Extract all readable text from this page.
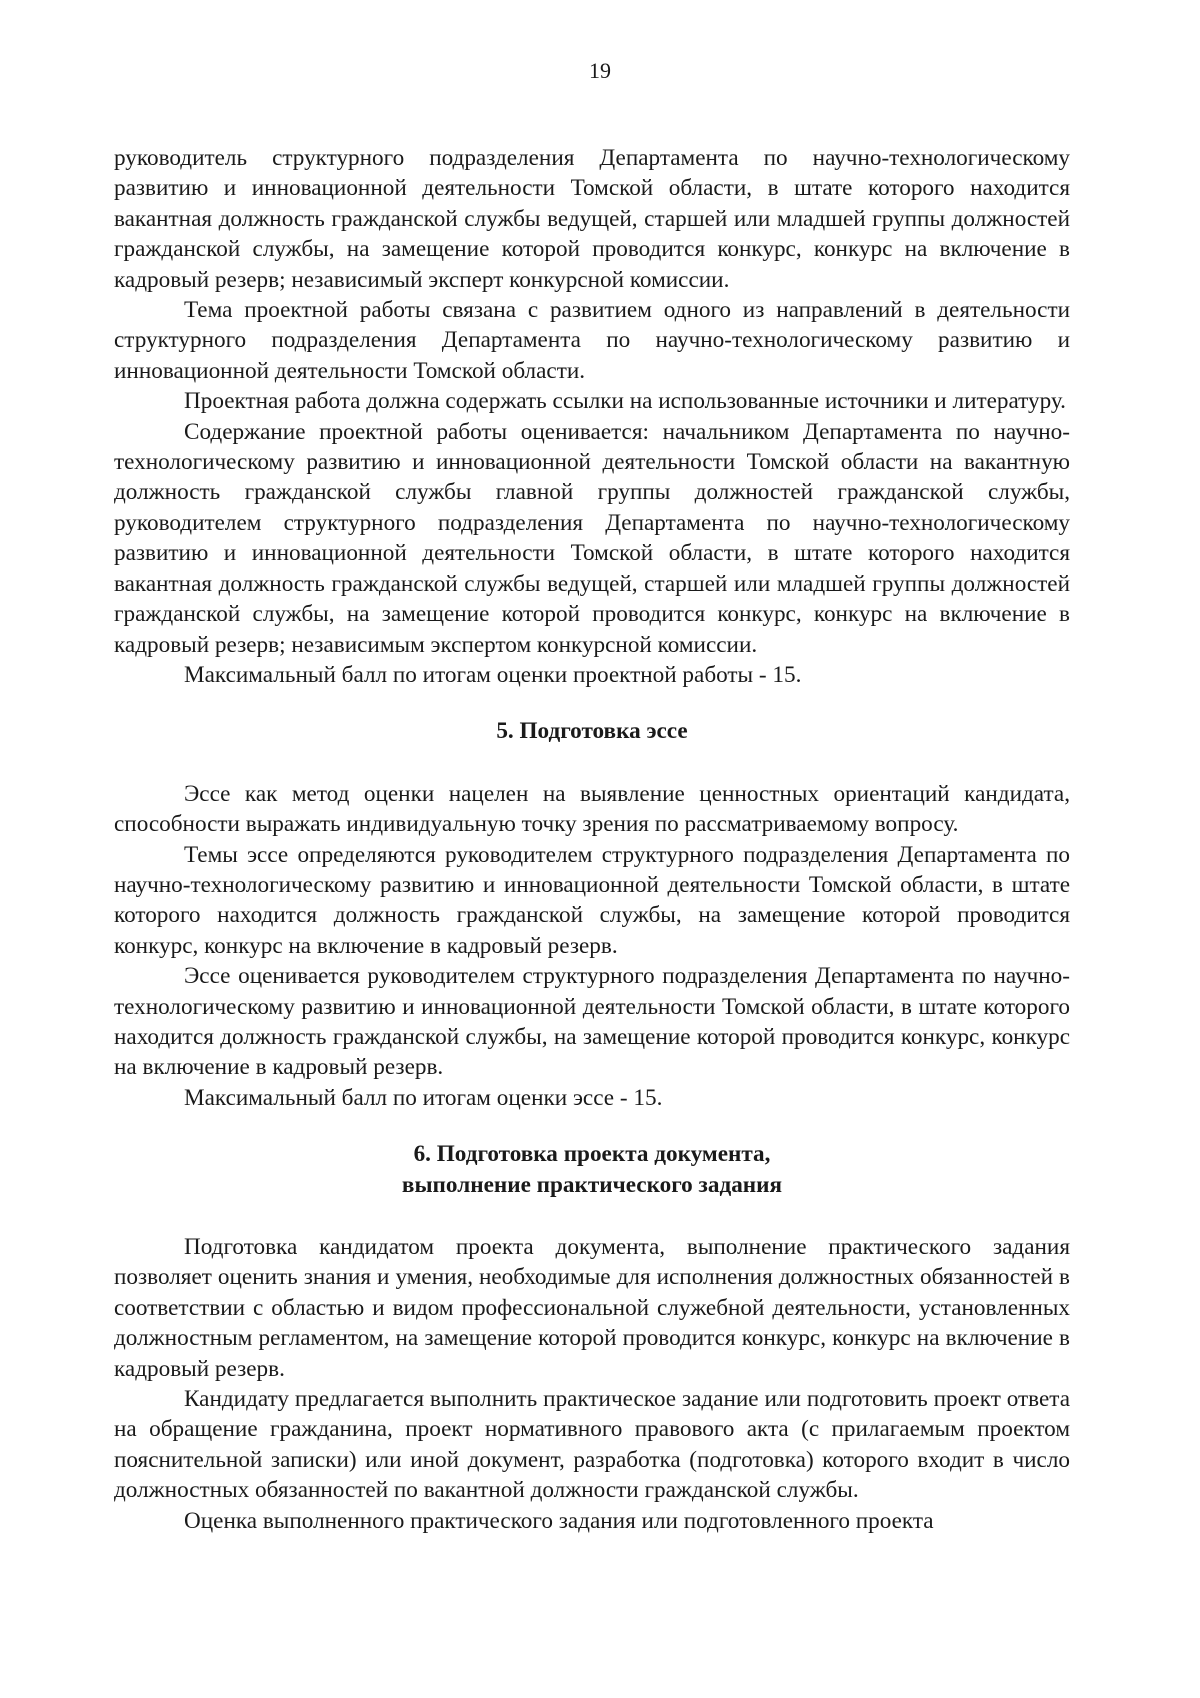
19

руководитель структурного подразделения Департамента по научно-технологическому развитию и инновационной деятельности Томской области, в штате которого находится вакантная должность гражданской службы ведущей, старшей или младшей группы должностей гражданской службы, на замещение которой проводится конкурс, конкурс на включение в кадровый резерв; независимый эксперт конкурсной комиссии.

Тема проектной работы связана с развитием одного из направлений в деятельности структурного подразделения Департамента по научно-технологическому развитию и инновационной деятельности Томской области.

Проектная работа должна содержать ссылки на использованные источники и литературу.

Содержание проектной работы оценивается: начальником Департамента по научно-технологическому развитию и инновационной деятельности Томской области на вакантную должность гражданской службы главной группы должностей гражданской службы, руководителем структурного подразделения Департамента по научно-технологическому развитию и инновационной деятельности Томской области, в штате которого находится вакантная должность гражданской службы ведущей, старшей или младшей группы должностей гражданской службы, на замещение которой проводится конкурс, конкурс на включение в кадровый резерв; независимым экспертом конкурсной комиссии.

Максимальный балл по итогам оценки проектной работы - 15.

5. Подготовка эссе

Эссе как метод оценки нацелен на выявление ценностных ориентаций кандидата, способности выражать индивидуальную точку зрения по рассматриваемому вопросу.

Темы эссе определяются руководителем структурного подразделения Департамента по научно-технологическому развитию и инновационной деятельности Томской области, в штате которого находится должность гражданской службы, на замещение которой проводится конкурс, конкурс на включение в кадровый резерв.

Эссе оценивается руководителем структурного подразделения Департамента по научно-технологическому развитию и инновационной деятельности Томской области, в штате которого находится должность гражданской службы, на замещение которой проводится конкурс, конкурс на включение в кадровый резерв.

Максимальный балл по итогам оценки эссе - 15.

6. Подготовка проекта документа,
выполнение практического задания

Подготовка кандидатом проекта документа, выполнение практического задания позволяет оценить знания и умения, необходимые для исполнения должностных обязанностей в соответствии с областью и видом профессиональной служебной деятельности, установленных должностным регламентом, на замещение которой проводится конкурс, конкурс на включение в кадровый резерв.

Кандидату предлагается выполнить практическое задание или подготовить проект ответа на обращение гражданина, проект нормативного правового акта (с прилагаемым проектом пояснительной записки) или иной документ, разработка (подготовка) которого входит в число должностных обязанностей по вакантной должности гражданской службы.

Оценка выполненного практического задания или подготовленного проекта
